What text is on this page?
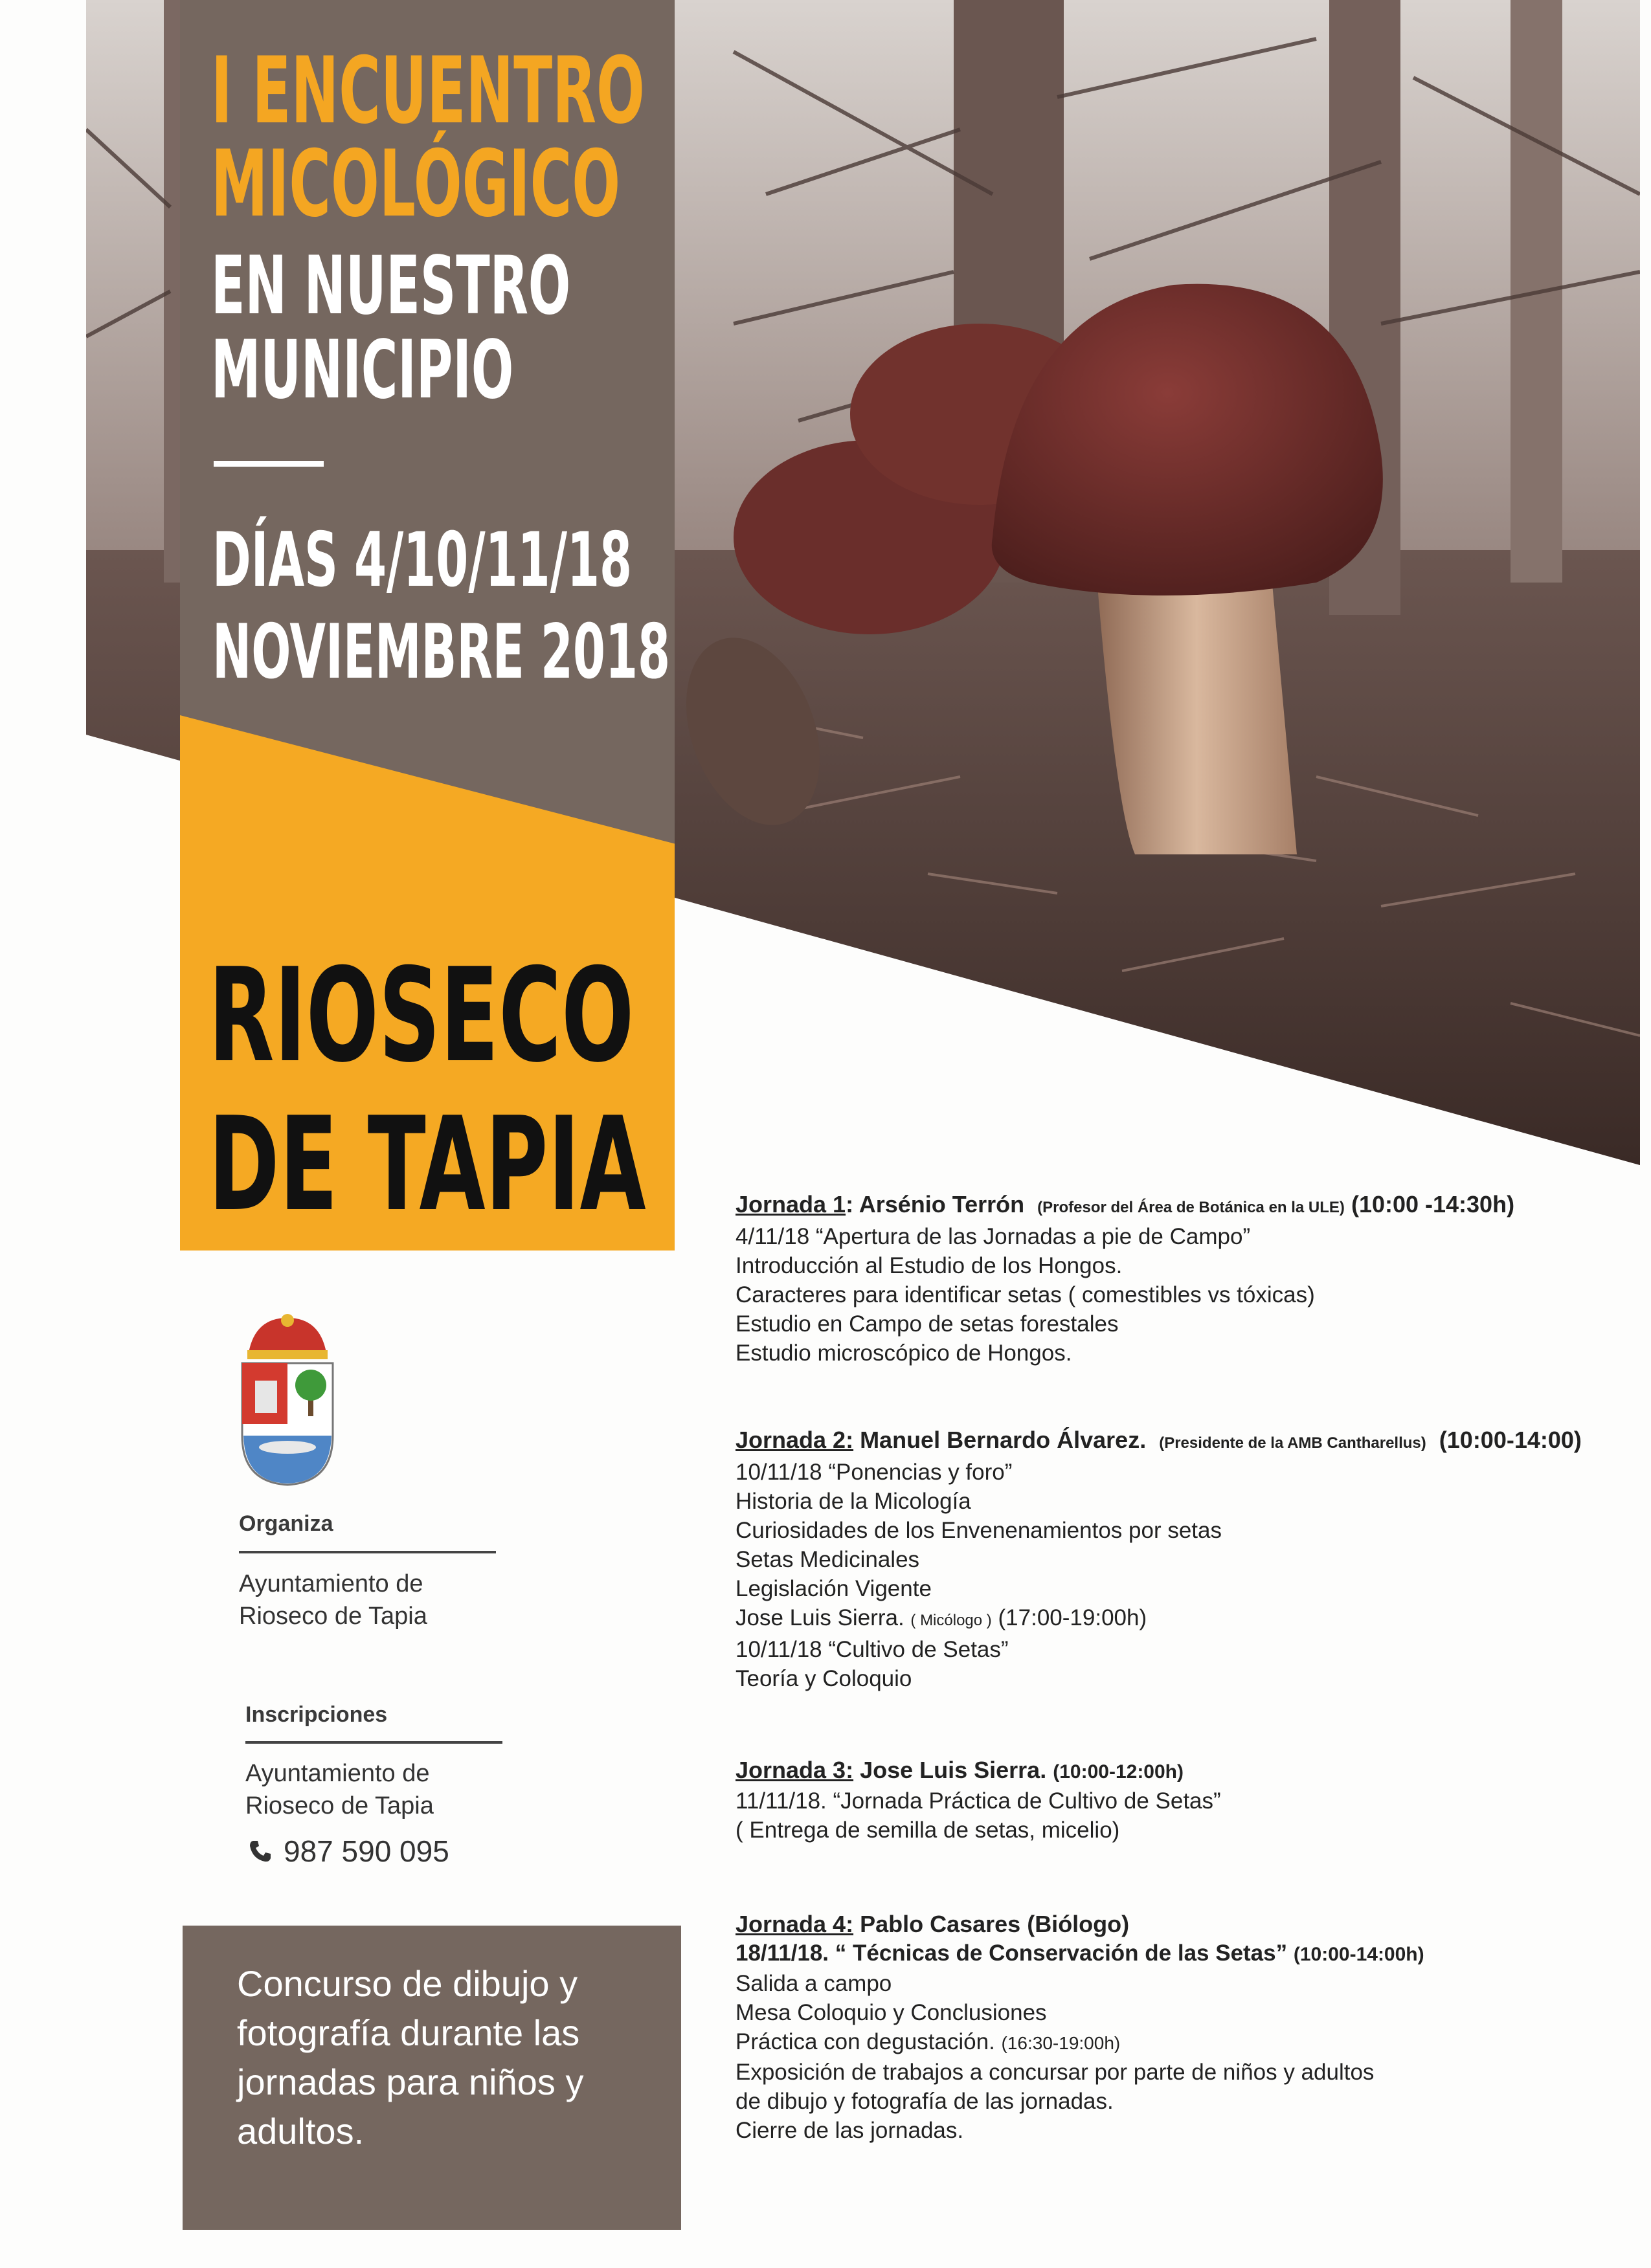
I ENCUENTRO
MICOLÓGICO
EN NUESTRO
MUNICIPIO
DÍAS 4/10/11/18
NOVIEMBRE 2018
RIOSECO
DE TAPIA

Organiza

Ayuntamiento de

Rioseco de Tapia

Inscripciones

Ayuntamiento de

Rioseco de Tapia

987 590 095

Concurso de dibujo y fotografía durante las jornadas para niños y adultos.

Jornada 1: Arsénio Terrón (Profesor del Área de Botánica en la ULE) (10:00 -14:30h)
4/11/18 “Apertura de las Jornadas a pie de Campo”
Introducción al Estudio de los Hongos.
Caracteres para identificar setas ( comestibles vs tóxicas)
Estudio en Campo de setas forestales
Estudio microscópico de Hongos.
Jornada 2: Manuel Bernardo Álvarez. (Presidente de la AMB Cantharellus) (10:00-14:00)
10/11/18 “Ponencias y foro”
Historia de la Micología
Curiosidades de los Envenenamientos por setas
Setas Medicinales
Legislación Vigente
Jose Luis Sierra. ( Micólogo ) (17:00-19:00h)
10/11/18 “Cultivo de Setas”
Teoría y Coloquio
Jornada 3: Jose Luis Sierra. (10:00-12:00h)
11/11/18. “Jornada Práctica de Cultivo de Setas”
( Entrega de semilla de setas, micelio)
Jornada 4: Pablo Casares (Biólogo)
18/11/18. “ Técnicas de Conservación de las Setas” (10:00-14:00h)
Salida a campo
Mesa Coloquio y Conclusiones
Práctica con degustación. (16:30-19:00h)
Exposición de trabajos a concursar por parte de niños y adultos
de dibujo y fotografía de las jornadas.
Cierre de las jornadas.
